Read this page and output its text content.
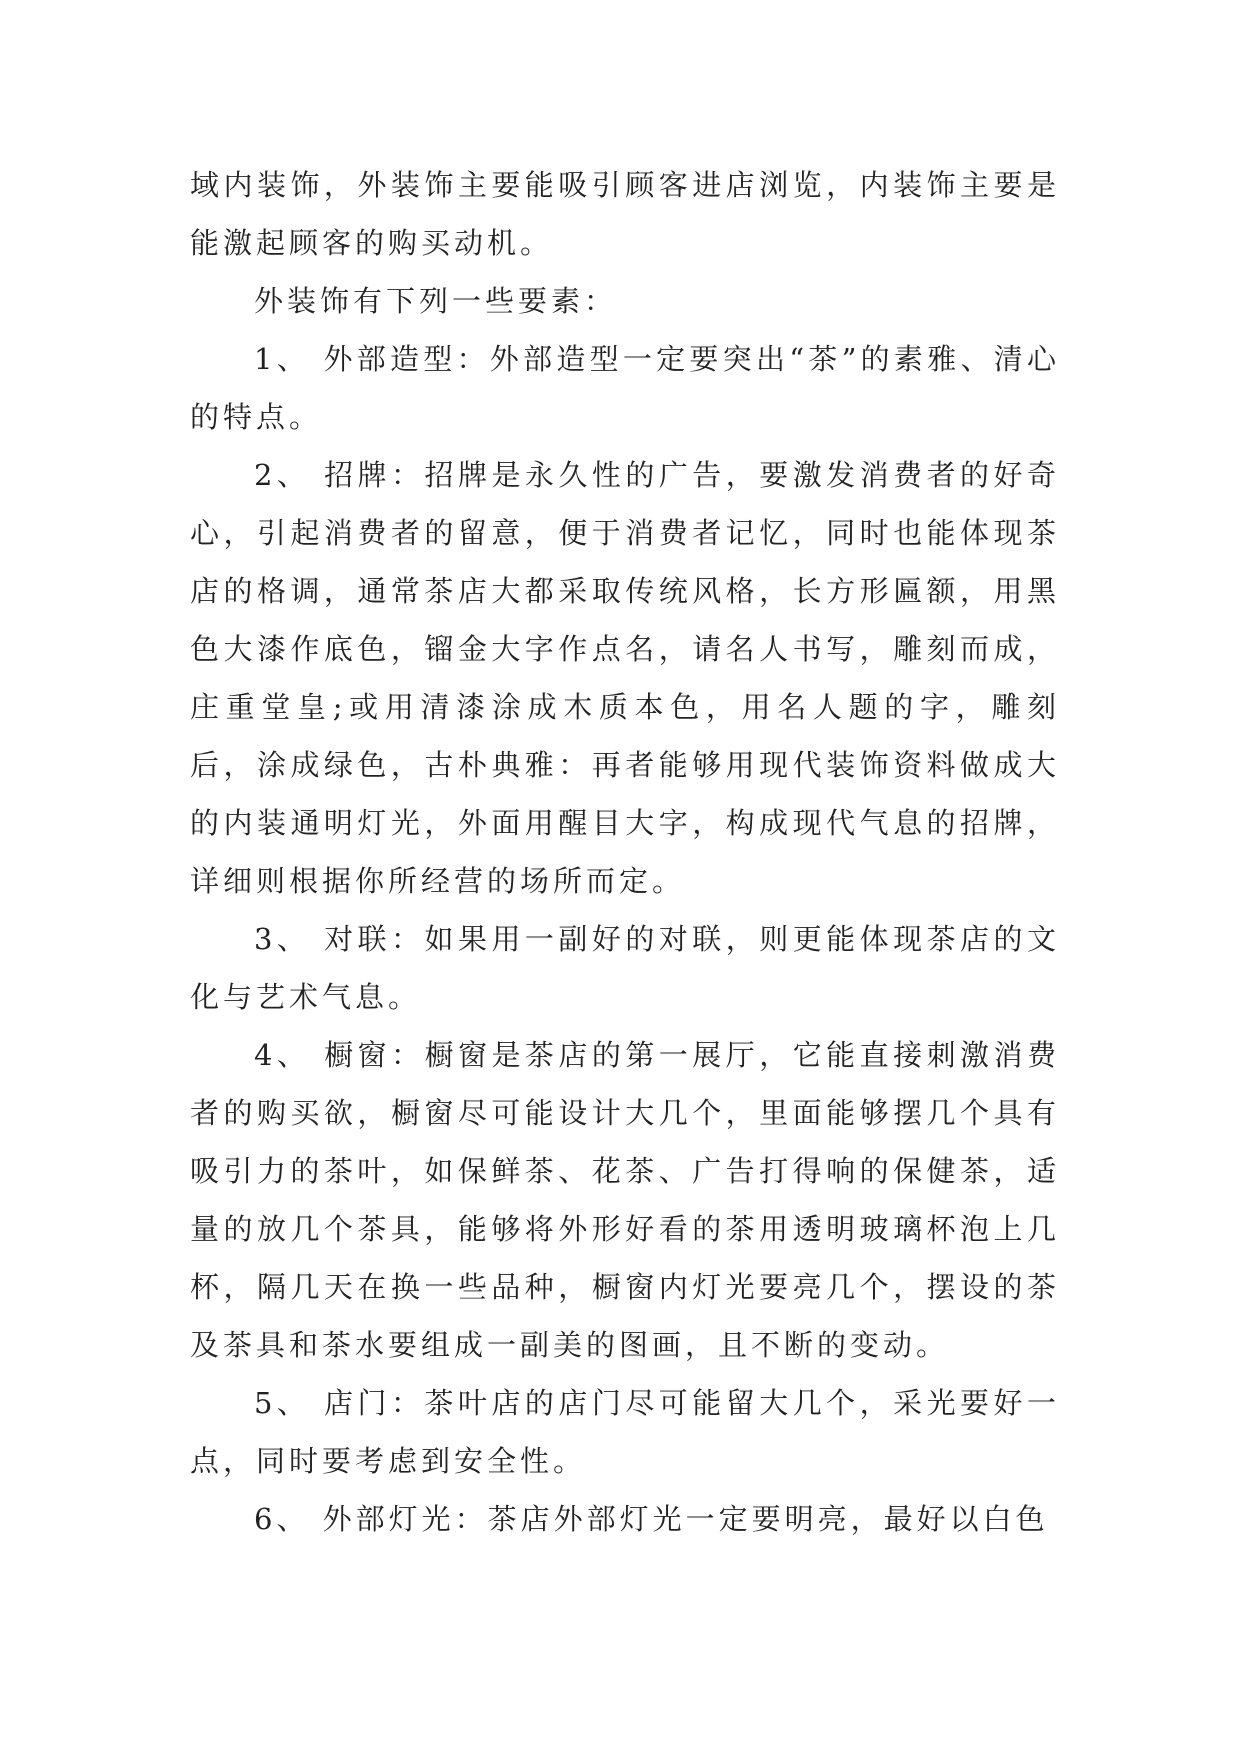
域内装饰，外装饰主要能吸引顾客进店浏览，内装饰主要是能激起顾客的购买动机。

外装饰有下列一些要素：

1、 外部造型：外部造型一定要突出“茶”的素雅、清心的特点。

2、 招牌：招牌是永久性的广告，要激发消费者的好奇心，引起消费者的留意，便于消费者记忆，同时也能体现茶店的格调，通常茶店大都采取传统风格，长方形匾额，用黑色大漆作底色，镏金大字作点名，请名人书写，雕刻而成，庄重堂皇;或用清漆涂成木质本色，用名人题的字，雕刻后，涂成绿色，古朴典雅：再者能够用现代装饰资料做成大的内装通明灯光，外面用醒目大字，构成现代气息的招牌，详细则根据你所经营的场所而定。

3、 对联：如果用一副好的对联，则更能体现茶店的文化与艺术气息。

4、 橱窗：橱窗是茶店的第一展厅，它能直接刺激消费者的购买欲，橱窗尽可能设计大几个，里面能够摆几个具有吸引力的茶叶，如保鲜茶、花茶、广告打得响的保健茶，适量的放几个茶具，能够将外形好看的茶用透明玻璃杯泡上几杯，隔几天在换一些品种，橱窗内灯光要亮几个，摆设的茶及茶具和茶水要组成一副美的图画，且不断的变动。

5、 店门：茶叶店的店门尽可能留大几个，采光要好一点，同时要考虑到安全性。

6、 外部灯光：茶店外部灯光一定要明亮，最好以白色
